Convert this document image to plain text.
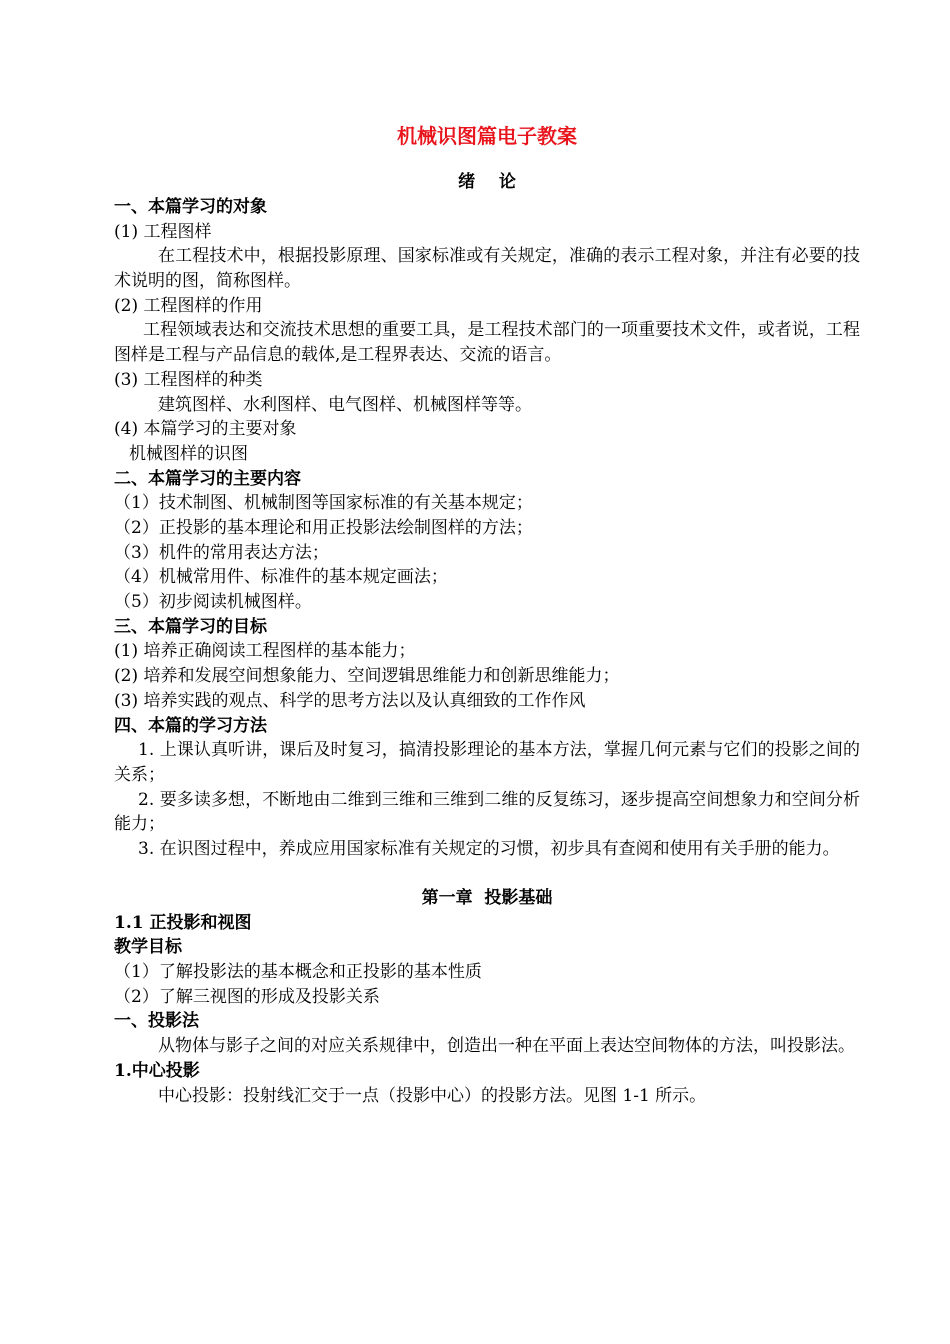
机械识图篇电子教案
绪    论
一、本篇学习的对象
(1) 工程图样
在工程技术中，根据投影原理、国家标准或有关规定，准确的表示工程对象，并注有必要的技术说明的图，简称图样。
(2) 工程图样的作用
工程领域表达和交流技术思想的重要工具，是工程技术部门的一项重要技术文件，或者说，工程图样是工程与产品信息的载体,是工程界表达、交流的语言。
(3) 工程图样的种类
建筑图样、水利图样、电气图样、机械图样等等。
(4) 本篇学习的主要对象
机械图样的识图
二、本篇学习的主要内容
（1）技术制图、机械制图等国家标准的有关基本规定；
（2）正投影的基本理论和用正投影法绘制图样的方法；
（3）机件的常用表达方法；
（4）机械常用件、标准件的基本规定画法；
（5）初步阅读机械图样。
三、本篇学习的目标
(1) 培养正确阅读工程图样的基本能力；
(2) 培养和发展空间想象能力、空间逻辑思维能力和创新思维能力；
(3) 培养实践的观点、科学的思考方法以及认真细致的工作作风
四、本篇的学习方法
1. 上课认真听讲，课后及时复习，搞清投影理论的基本方法，掌握几何元素与它们的投影之间的关系；
2. 要多读多想，不断地由二维到三维和三维到二维的反复练习，逐步提高空间想象力和空间分析能力；
3. 在识图过程中，养成应用国家标准有关规定的习惯，初步具有查阅和使用有关手册的能力。
第一章  投影基础
1.1 正投影和视图
教学目标
（1）了解投影法的基本概念和正投影的基本性质
（2）了解三视图的形成及投影关系
一、投影法
从物体与影子之间的对应关系规律中，创造出一种在平面上表达空间物体的方法，叫投影法。
1.中心投影
中心投影：投射线汇交于一点（投影中心）的投影方法。见图 1-1 所示。
